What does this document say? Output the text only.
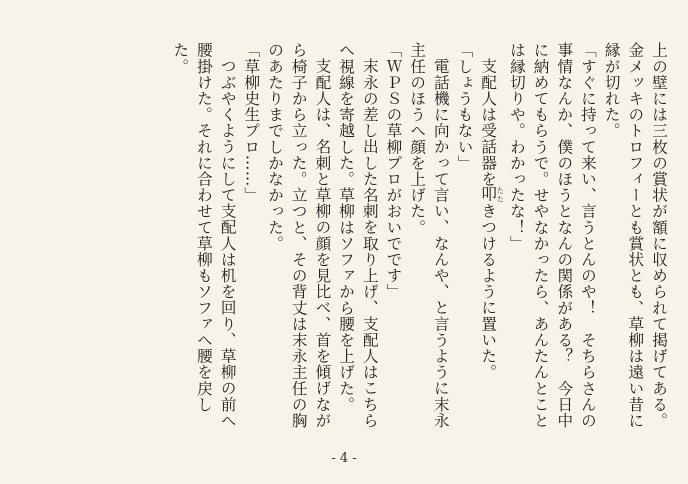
上の壁には三枚の賞状が額に収められて掲げてある。金メッキのトロフィーとも賞状とも、草柳は遠い昔に縁が切れた。

「すぐに持って来い、言うとんのや！　そちらさんの事情なんか、僕のほうとなんの関係がある？　今日中に納めてもらうで。せやなかったら、あんたんとことは縁切りや。わかったな！」

支配人は受話器を叩 たたきつけるように置いた。

「しょうもない」

電話機に向かって言い、なんや、と言うように末永主任のほうへ顔を上げた。

「ＷＰＳの草柳プロがおいでです」

末永の差し出した名刺を取り上げ、支配人はこちらへ視線を寄越した。草柳はソファから腰を上げた。

支配人は、名刺と草柳の顔を見比べ、首を傾げながら椅子から立った。立つと、その背丈は末永主任の胸のあたりまでしかなかった。

「草柳史生プロ……」

つぶやくようにして支配人は机を回り、草柳の前へ腰掛けた。それに合わせて草柳もソファへ腰を戻した。

- 4 -
